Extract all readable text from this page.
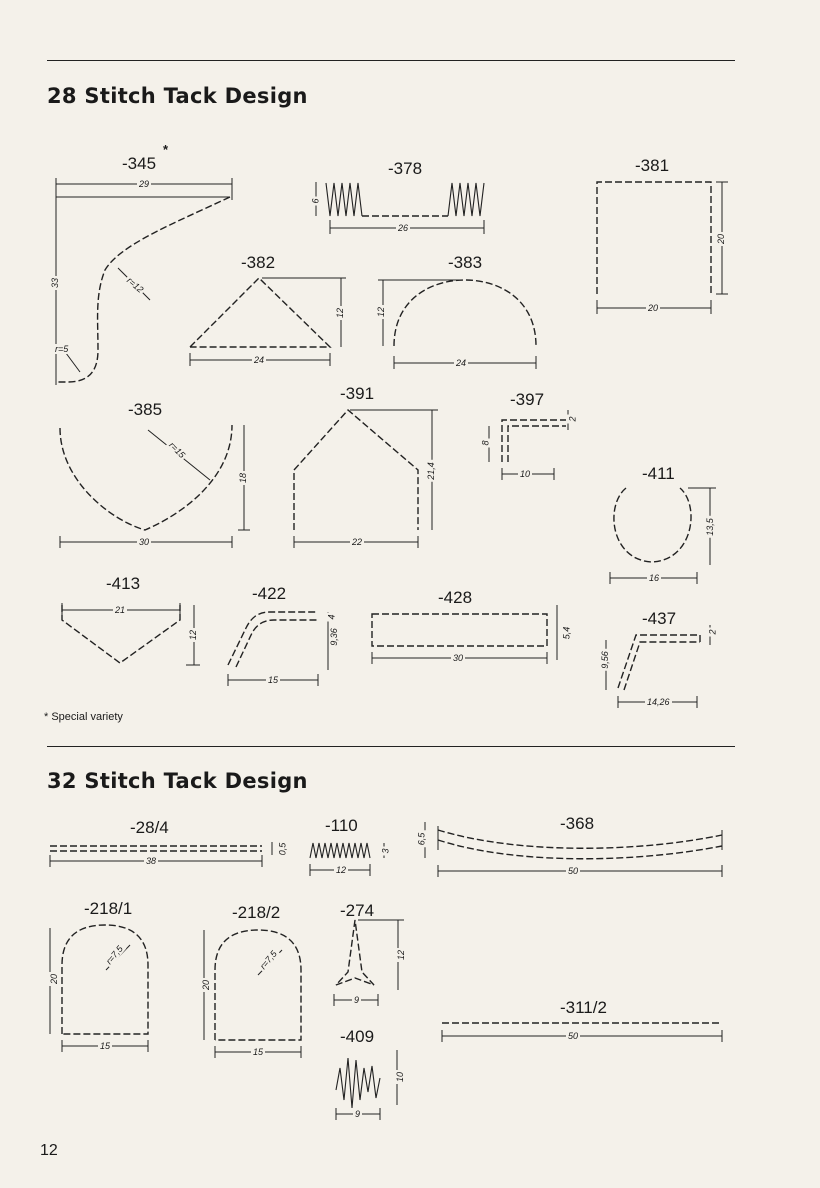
28 Stitch Tack Design
32 Stitch Tack Design
-345
*
-378	-381
-382	-383
-385
-391	-397
-411
-413
-422	-428
-437
-28/4	-110	-368
-218/1	-218/2	-274
-409
-311/2
29
33	r=12
r=5
6
26
20
20
12
24
12
24
r=15
18
30
21,4
22
8
2
10
13,5
16
21
12	9,36
15
4
5,4
30	9,56
14,26
2
38
0,5	3
12
6,5
50
r=7,5
20
15
r=7,5
20
15
12
9
10
9
50
* Special variety
12
